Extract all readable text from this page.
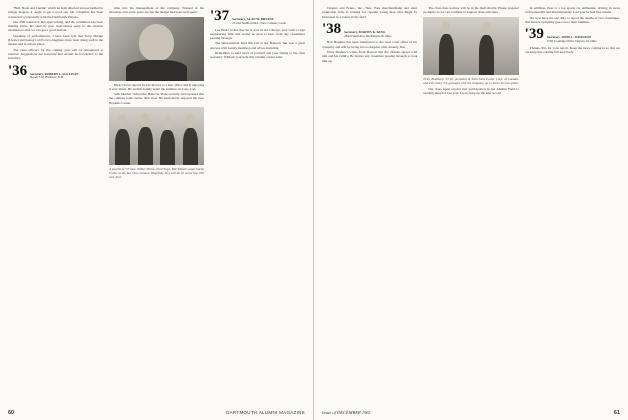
"Bell, Book and Candle" which he both directed and performed in Ginger Rogers, it ought to get a good run. Mr. Chapman has been connected occasionally with the Dartmouth Players.

Our 25th reunion is fast approaching, and the committee has been making plans. Do send in your reservations early to the reunion chairman so that we can get a good turnout.

Speaking of performances, I have been told that Terry Mudge (Lizzie) and Kenny Cobb's two daughters have been doing well in the theater and in school plays.

The class officers for the coming year will be announced at reunion. Suggestions are welcome and should be forwarded to the secretary.

'36 Secretary, ROBERT L. SULLIVAN
Room 310, Hanover, N.H.

time into the management of the company. Warned of the increases over prior years, he felt the budget had been well spent.

Dick Carver reports he has moved to a new office and is enjoying it very much. He and his family spent the summer on Cape Cod.

Seth Dunbar visited the Hanover Plain recently and reported that the campus looks better than ever. He particularly enjoyed the new Hopkins Center.

A quartet of '37 men, Wilder Pierce, Fred Sluys, Bill Timbers and Charlie Collis, at the last class reunion. Hopefully they will all be at the big 25th next June.
'37 Secretary, ALAN W. BRYANT
23 Old Stamford Rd., New Canaan, Conn.

Lee Beers writes that he is now in the Chicago area with a large engineering firm and would be glad to hear from any classmates passing through.

The mini-reunion held this fall at the Hanover Inn was a great success with twenty members and wives attending.

Remember to send news of yourself and your family to the class secretary. Without your help this column cannot exist.

60	DARTMOUTH ALUMNI MAGAZINE

Chapter and Fenno, Inc., New York merchandising and sales promotion firm, is looking for capable young men who might be interested in a career in the field.

'38 Secretary, MARTIN K. KING
2843 Fairmount, Richmond 28, Ohio

Bob Hopkins has been transferred to the west coast office of his company and will be living in Los Angeles after January first.

Dave Mathews writes from Hawaii that the climate agrees with him and his family. He invites any classmate passing through to look him up.

The class dues notices will be in the mail shortly. Please respond promptly so we can continue to support class activities.

Peter Beardsley '37 (l), president of Twin Falls Power Corp. of Canada, and Pete Soley '34, geologist with the company, on a visit to the new plant.

Our class agent reports that participation in the Alumni Fund is running ahead of last year. Let us keep up the fine record.

In addition, Pete is a top sports car enthusiast, driving in races both nationally and internationally. Last year he had fine results.

We now have the sad duty to report the deaths of two classmates. Our sincere sympathy goes out to their families.

'39 Secretary, JOHN L. DAVIDSON
1760 Coolidge Drive, Dayton 19, Ohio

Thanks, Pat, for your report. Keep the news coming in so that we can keep this column full and lively.

Issue of DECEMBER 1961	61
